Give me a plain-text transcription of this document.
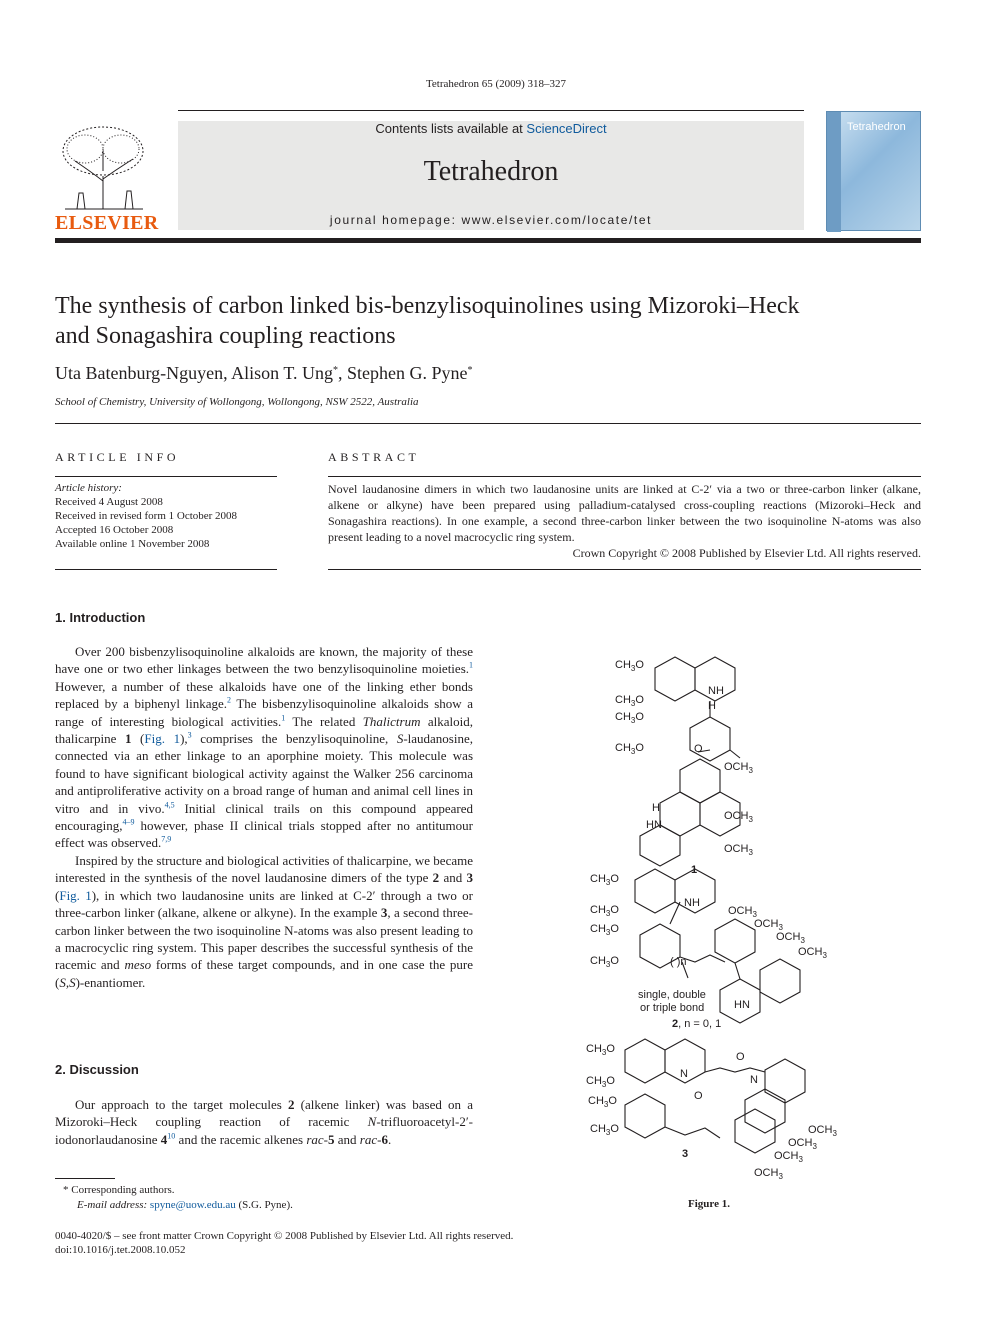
Tetrahedron 65 (2009) 318–327
ELSEVIER
Contents lists available at ScienceDirect
Tetrahedron
journal homepage: www.elsevier.com/locate/tet
Tetrahedron
The synthesis of carbon linked bis-benzylisoquinolines using Mizoroki–Heck
and Sonagashira coupling reactions
Uta Batenburg-Nguyen, Alison T. Ung*, Stephen G. Pyne*
School of Chemistry, University of Wollongong, Wollongong, NSW 2522, Australia
ARTICLE INFO
Article history:
Received 4 August 2008
Received in revised form 1 October 2008
Accepted 16 October 2008
Available online 1 November 2008
ABSTRACT
Novel laudanosine dimers in which two laudanosine units are linked at C-2′ via a two or three-carbon linker (alkane, alkene or alkyne) have been prepared using palladium-catalysed cross-coupling reactions (Mizoroki–Heck and Sonagashira reactions). In one example, a second three-carbon linker between the two isoquinoline N-atoms was also present leading to a novel macrocyclic ring system.
Crown Copyright © 2008 Published by Elsevier Ltd. All rights reserved.
1. Introduction

Over 200 bisbenzylisoquinoline alkaloids are known, the majority of these have one or two ether linkages between the two benzylisoquinoline moieties.$^1$ However, a number of these alkaloids have one of the linking ether bonds replaced by a biphenyl linkage.$^2$ The bisbenzylisoquinoline alkaloids show a range of interesting biological activities.$^1$ The related Thalictrum alkaloid, thalicarpine 1 (Fig. 1),$^3$ comprises the benzylisoquinoline, S-laudanosine, connected via an ether linkage to an aporphine moiety. This molecule was found to have significant biological activity against the Walker 256 carcinoma and antiproliferative activity on a broad range of human and animal cell lines in vitro and in vivo.$^{4,5}$ Initial clinical trails on this compound appeared encouraging,$^{4-9}$ however, phase II clinical trials stopped after no antitumour effect was observed.$^{7,9}$

Inspired by the structure and biological activities of thalicarpine, we became interested in the synthesis of the novel laudanosine dimers of the type 2 and 3 (Fig. 1), in which two laudanosine units are linked at C-2′ through a two or three-carbon linker (alkane, alkene or alkyne). In the example 3, a second three-carbon linker between the two isoquinoline N-atoms was also present leading to a macrocyclic ring system. This paper describes the successful synthesis of the racemic and meso forms of these target compounds, and in one case the pure (S,S)-enantiomer.

2. Discussion

Our approach to the target molecules 2 (alkene linker) was based on a Mizoroki–Heck coupling reaction of racemic N-trifluoroacetyl-2′-iodonorlaudanosine $4^{10}$ and the racemic alkenes rac-5 and rac-6.

* Corresponding authors.
E-mail address: spyne@uow.edu.au (S.G. Pyne).
0040-4020/$ – see front matter Crown Copyright © 2008 Published by Elsevier Ltd. All rights reserved.
doi:10.1016/j.tet.2008.10.052
$CH_3O$
$CH_3O$
$CH_3O$
$CH_3O$
NH
H
O
$OCH_3$
H
HN
$OCH_3$
$OCH_3$
1
$CH_3O$
$CH_3O$
$CH_3O$
$CH_3O$
NH
$OCH_3$
$OCH_3$
$OCH_3$
$OCH_3$
( )n
HN
single, double
or triple bond
2, n = 0, 1
$CH_3O$
$CH_3O$
$CH_3O$
$CH_3O$
N
O
O
N
$OCH_3$
$OCH_3$
$OCH_3$
$OCH_3$
3
Figure 1.
